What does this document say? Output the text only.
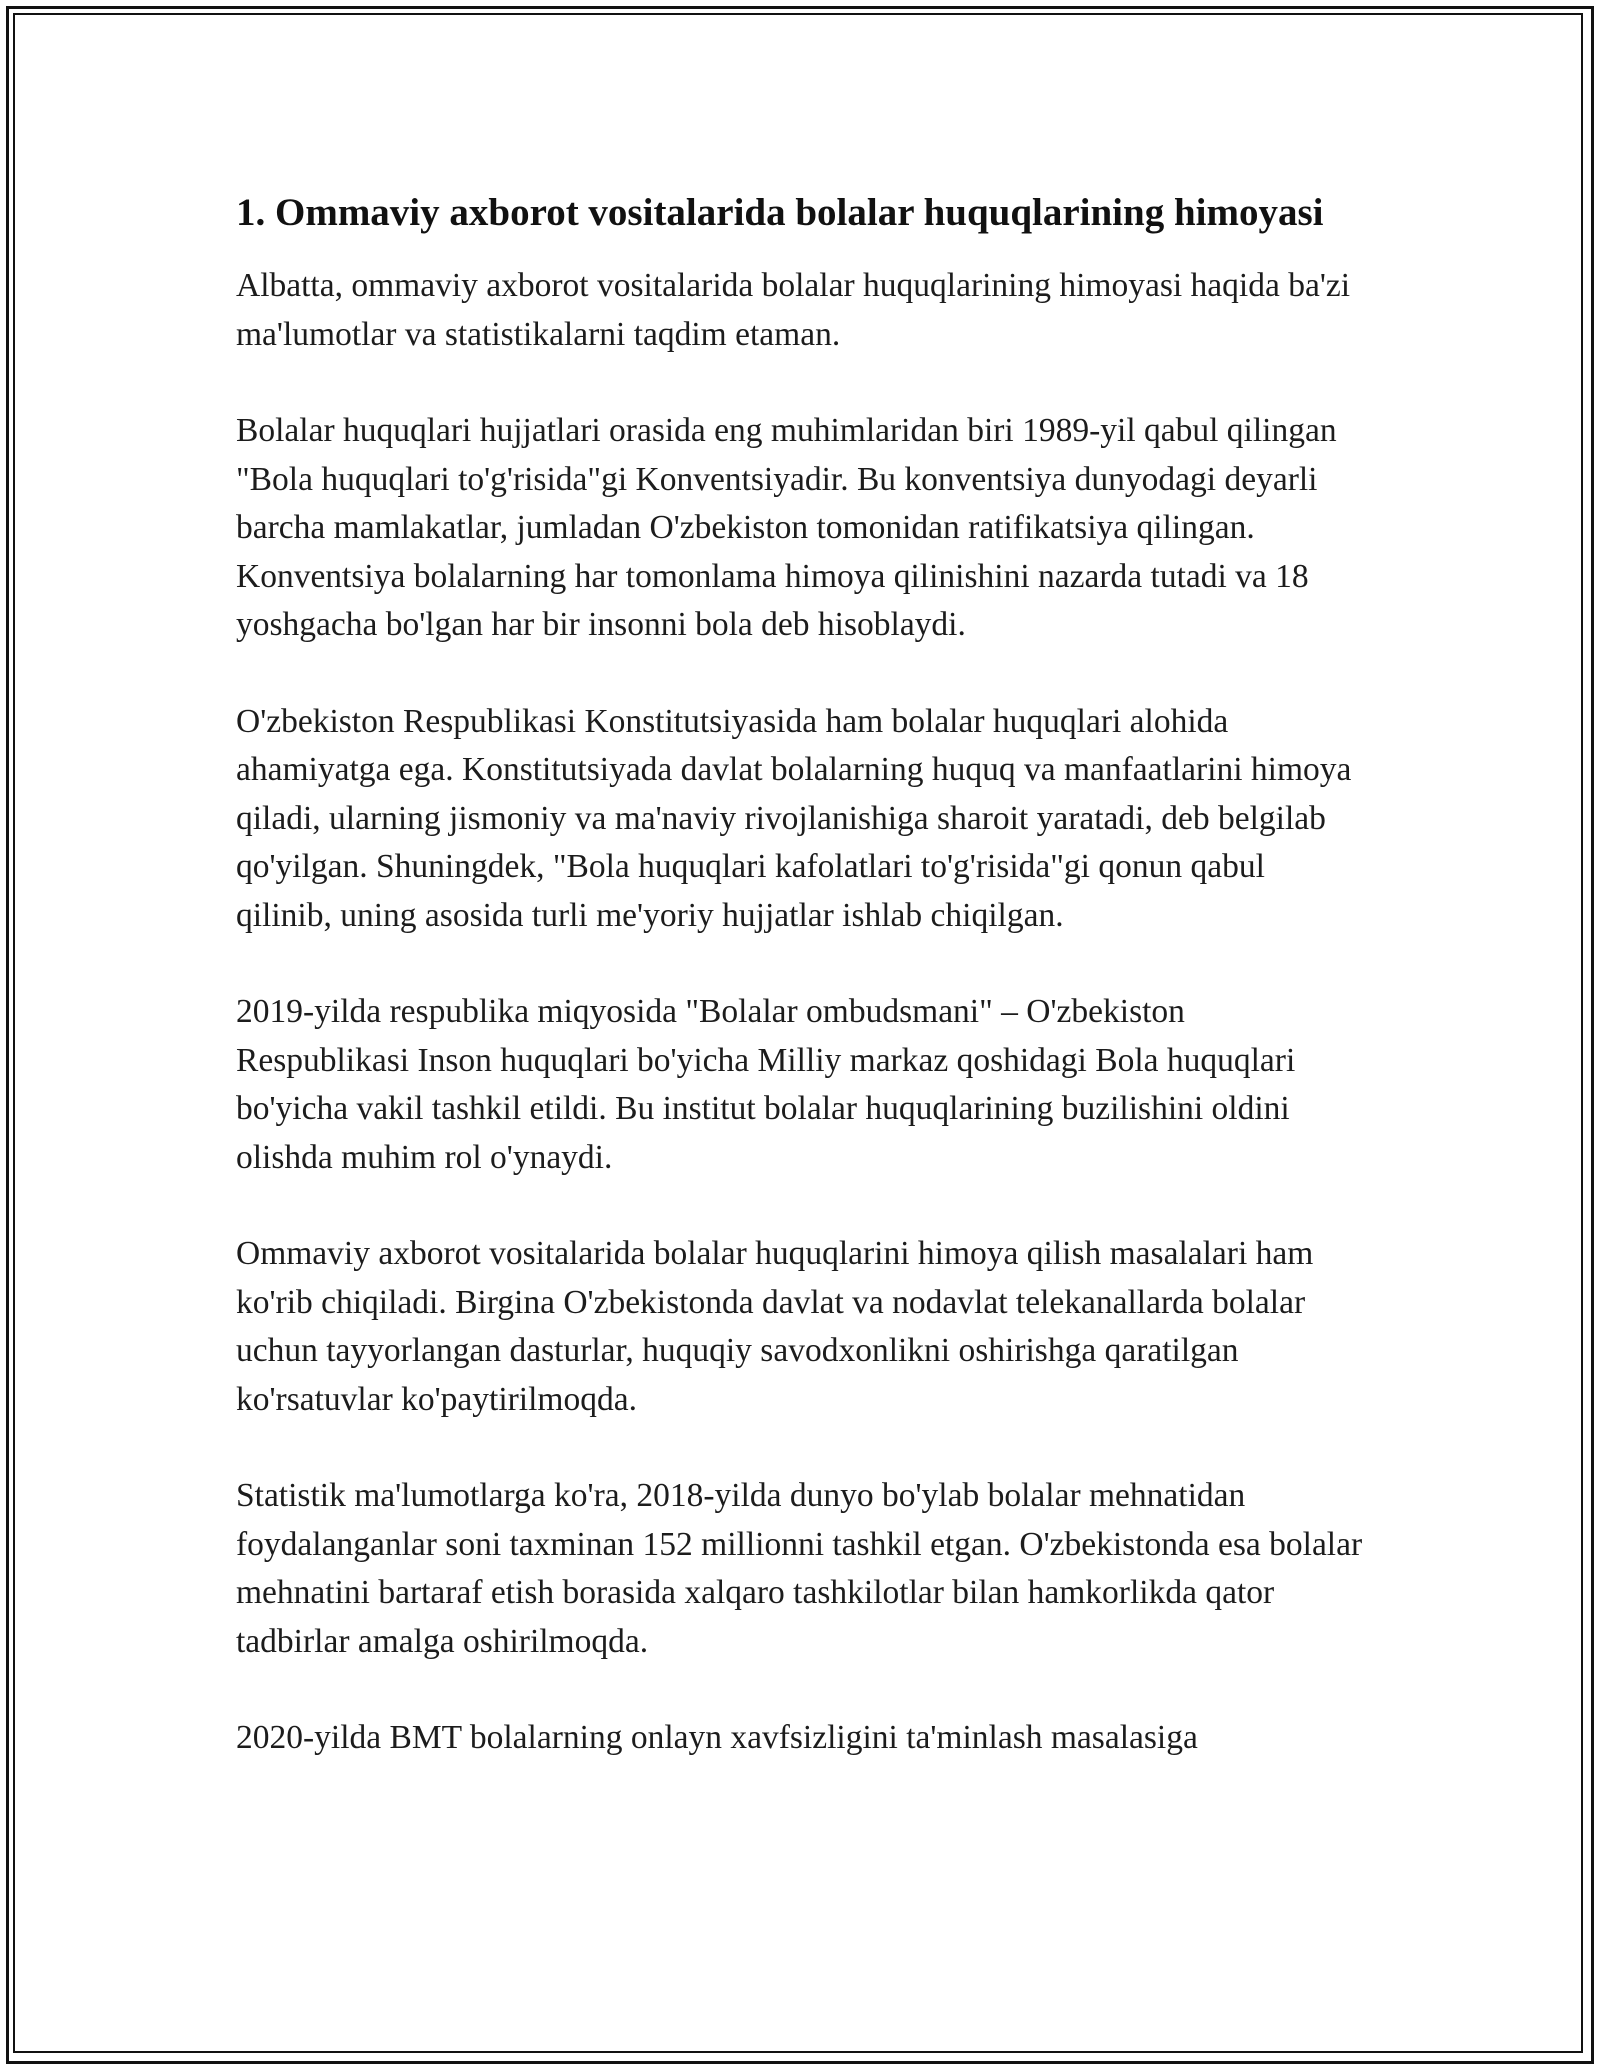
1. Ommaviy axborot vositalarida bolalar huquqlarining himoyasi

Albatta, ommaviy axborot vositalarida bolalar huquqlarining himoyasi haqida ba'zi ma'lumotlar va statistikalarni taqdim etaman.

Bolalar huquqlari hujjatlari orasida eng muhimlaridan biri 1989-yil qabul qilingan "Bola huquqlari to'g'risida"gi Konventsiyadir. Bu konventsiya dunyodagi deyarli barcha mamlakatlar, jumladan O'zbekiston tomonidan ratifikatsiya qilingan. Konventsiya bolalarning har tomonlama himoya qilinishini nazarda tutadi va 18 yoshgacha bo'lgan har bir insonni bola deb hisoblaydi.

O'zbekiston Respublikasi Konstitutsiyasida ham bolalar huquqlari alohida ahamiyatga ega. Konstitutsiyada davlat bolalarning huquq va manfaatlarini himoya qiladi, ularning jismoniy va ma'naviy rivojlanishiga sharoit yaratadi, deb belgilab qo'yilgan. Shuningdek, "Bola huquqlari kafolatlari to'g'risida"gi qonun qabul qilinib, uning asosida turli me'yoriy hujjatlar ishlab chiqilgan.

2019-yilda respublika miqyosida "Bolalar ombudsmani" – O'zbekiston Respublikasi Inson huquqlari bo'yicha Milliy markaz qoshidagi Bola huquqlari bo'yicha vakil tashkil etildi. Bu institut bolalar huquqlarining buzilishini oldini olishda muhim rol o'ynaydi.

Ommaviy axborot vositalarida bolalar huquqlarini himoya qilish masalalari ham ko'rib chiqiladi. Birgina O'zbekistonda davlat va nodavlat telekanallarda bolalar uchun tayyorlangan dasturlar, huquqiy savodxonlikni oshirishga qaratilgan ko'rsatuvlar ko'paytirilmoqda.

Statistik ma'lumotlarga ko'ra, 2018-yilda dunyo bo'ylab bolalar mehnatidan foydalanganlar soni taxminan 152 millionni tashkil etgan. O'zbekistonda esa bolalar mehnatini bartaraf etish borasida xalqaro tashkilotlar bilan hamkorlikda qator tadbirlar amalga oshirilmoqda.

2020-yilda BMT bolalarning onlayn xavfsizligini ta'minlash masalasiga
